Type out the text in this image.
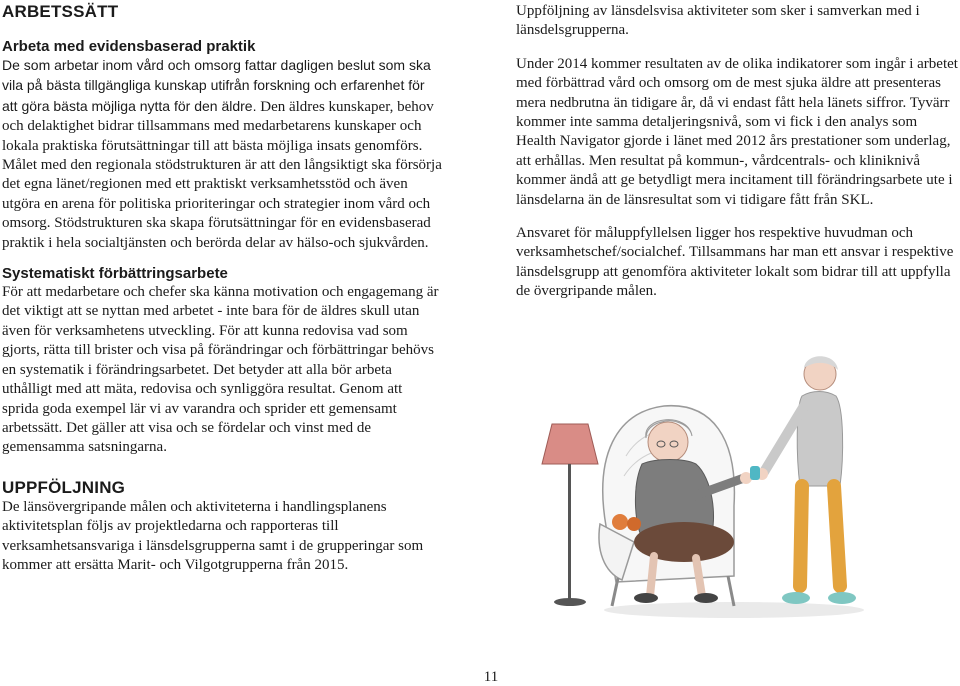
ARBETSSÄTT
Arbeta med evidensbaserad praktik

De som arbetar inom vård och omsorg fattar dagligen beslut som ska vila på bästa tillgängliga kunskap utifrån forskning och erfarenhet för att göra bästa möjliga nytta för den äldre. Den äldres kunskaper, behov och delaktighet bidrar tillsammans med medarbetarens kunskaper och lokala praktiska förutsättningar till att bästa möjliga insats genomförs. Målet med den regionala stödstrukturen är att den långsiktigt ska försörja det egna länet/regionen med ett praktiskt verksamhetsstöd och även utgöra en arena för politiska prioriteringar och strategier inom vård och omsorg. Stödstrukturen ska skapa förutsättningar för en evidensbaserad praktik i hela socialtjänsten och berörda delar av hälso-och sjukvården.

Systematiskt förbättringsarbete

För att medarbetare och chefer ska känna motivation och engagemang är det viktigt att se nyttan med arbetet - inte bara för de äldres skull utan även för verksamhetens utveckling. För att kunna redovisa vad som gjorts, rätta till brister och visa på förändringar och förbättringar behövs en systematik i förändringsarbetet. Det betyder att alla bör arbeta uthålligt med att mäta, redovisa och synliggöra resultat. Genom att sprida goda exempel lär vi av varandra och sprider ett gemensamt arbetssätt. Det gäller att visa och se fördelar och vinst med de gemensamma satsningarna.

UPPFÖLJNING

De länsövergripande målen och aktiviteterna i handlingsplanens aktivitetsplan följs av projektledarna och rapporteras till verksamhetsansvariga i länsdelsgrupperna samt i de grupperingar som kommer att ersätta Marit- och Vilgotgrupperna från 2015.

Uppföljning av länsdelsvisa aktiviteter som sker i samverkan med i länsdelsgrupperna.

Under 2014 kommer resultaten av de olika indikatorer som ingår i arbetet med förbättrad vård och omsorg om de mest sjuka äldre att presenteras mera nedbrutna än tidigare år, då vi endast fått hela länets siffror. Tyvärr kommer inte samma detaljeringsnivå, som vi fick i den analys som Health Navigator gjorde i länet med 2012 års prestationer som underlag, att erhållas. Men resultat på kommun-, vårdcentrals- och kliniknivå kommer ändå att ge betydligt mera incitament till förändringsarbete ute i länsdelarna än de länsresultat som vi tidigare fått från SKL.

Ansvaret för måluppfyllelsen ligger hos respektive huvudman och verksamhetschef/socialchef. Tillsammans har man ett ansvar i respektive länsdelsgrupp att genomföra aktiviteter lokalt som bidrar till att uppfylla de övergripande målen.

11
